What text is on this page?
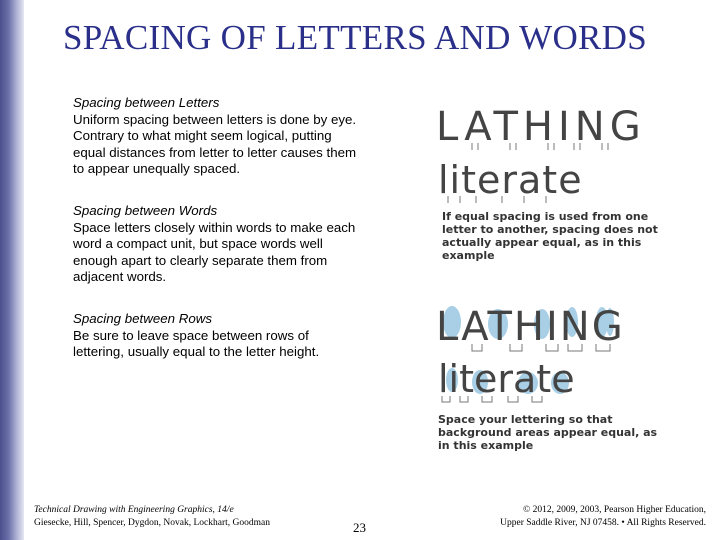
SPACING OF LETTERS AND WORDS
Spacing between Letters
Uniform spacing between letters is done by eye. Contrary to what might seem logical, putting equal distances from letter to letter causes them to appear unequally spaced.
Spacing between Words
Space letters closely within words to make each word a compact unit, but space words well enough apart to clearly separate them from adjacent words.
Spacing between Rows
Be sure to leave space between rows of lettering, usually equal to the letter height.
LATHING
literate
LATHING
literate
If equal spacing is used from one letter to another, spacing does not actually appear equal, as in this example
Space your lettering so that background areas appear equal, as in this example
Technical Drawing with Engineering Graphics, 14/e
Giesecke, Hill, Spencer, Dygdon, Novak, Lockhart, Goodman	23
© 2012, 2009, 2003, Pearson Higher Education,
Upper Saddle River, NJ 07458. • All Rights Reserved.
